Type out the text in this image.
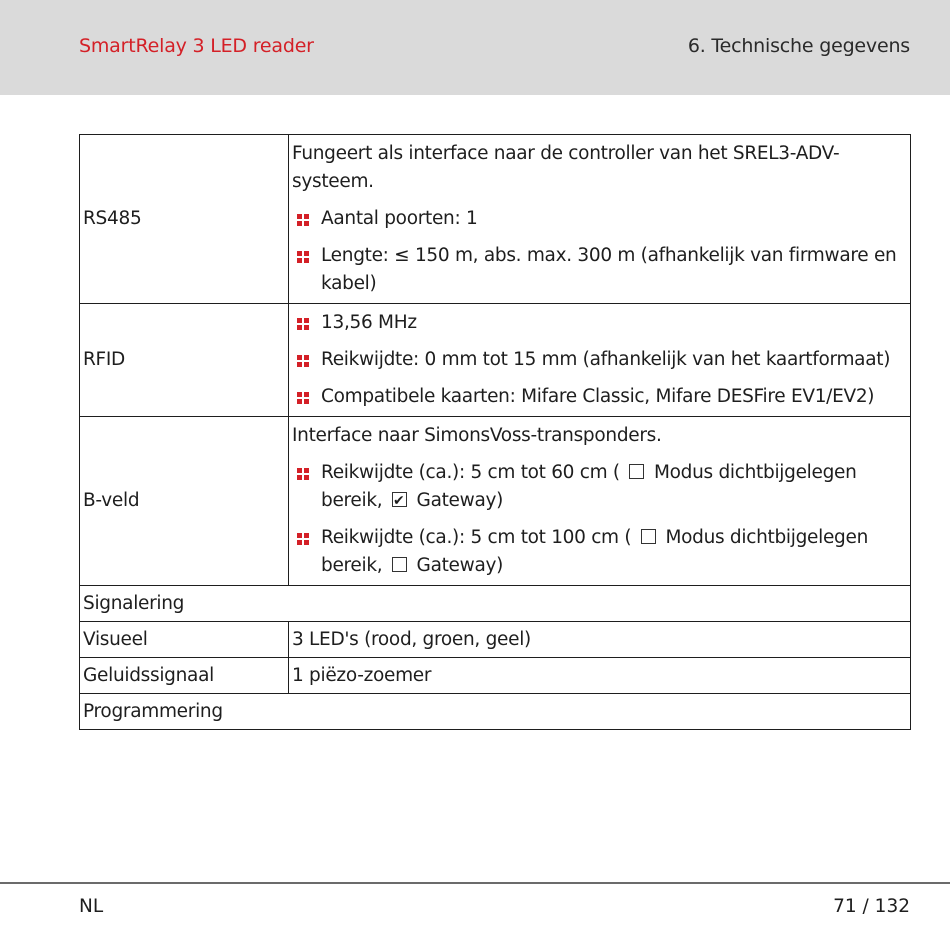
SmartRelay 3 LED reader	6. Technische gegevens
RS485	Fungeert als interface naar de controller van het SREL3-ADV-systeem.
Aantal poorten: 1
Lengte: ≤ 150 m, abs. max. 300 m (afhankelijk van firmware en kabel)

RFID	13,56 MHz
Reikwijdte: 0 mm tot 15 mm (afhankelijk van het kaartformaat)
Compatibele kaarten: Mifare Classic, Mifare DESFire EV1/EV2)

B-veld	Interface naar SimonsVoss-transponders.
Reikwijdte (ca.): 5 cm tot 60 cm ( Modus dichtbijgelegen bereik, ✔ Gateway)
Reikwijdte (ca.): 5 cm tot 100 cm ( Modus dichtbijgelegen bereik, Gateway)

Signalering	
Visueel	3 LED's (rood, groen, geel)
Geluidssignaal	1 piëzo-zoemer
Programmering	
NL	71 / 132
